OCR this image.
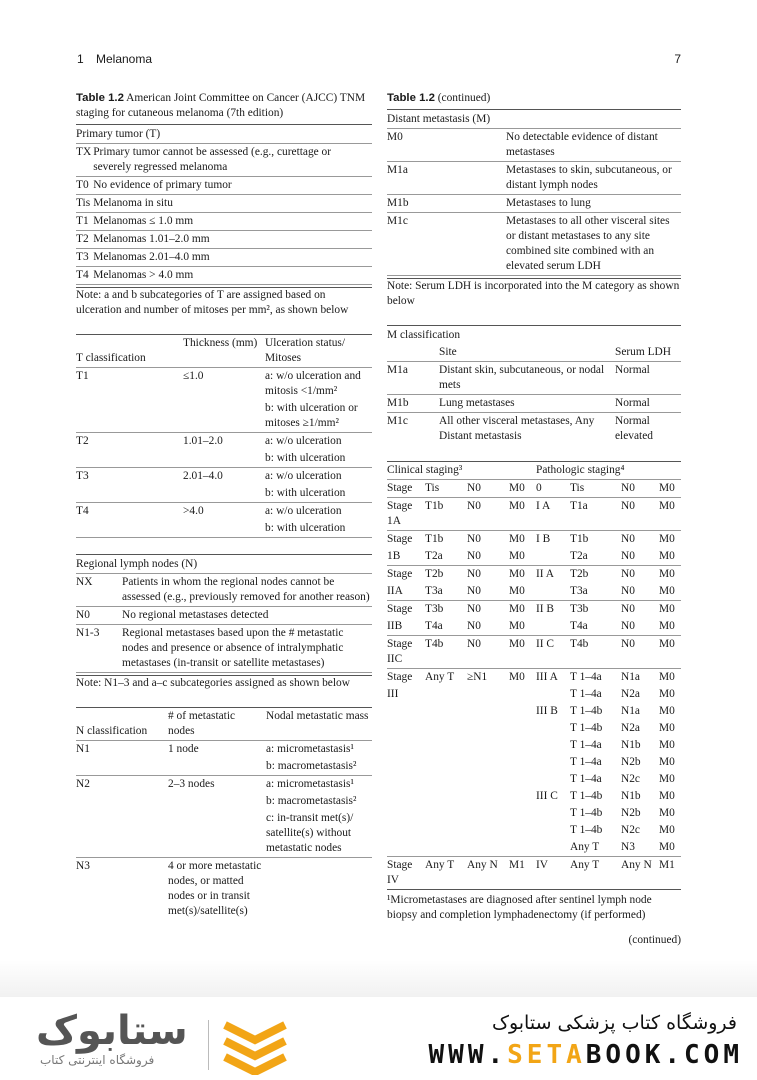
1 Melanoma	7
Table 1.2 American Joint Committee on Cancer (AJCC) TNM staging for cutaneous melanoma (7th edition)
Primary tumor (T)	
TX	Primary tumor cannot be assessed (e.g., curettage or severely regressed melanoma
T0	No evidence of primary tumor
Tis	Melanoma in situ
T1	Melanomas ≤ 1.0 mm
T2	Melanomas 1.01–2.0 mm
T3	Melanomas 2.01–4.0 mm
T4	Melanomas > 4.0 mm
Note: a and b subcategories of T are assigned based on ulceration and number of mitoses per mm², as shown below
T classification	Thickness (mm)	Ulceration status/ Mitoses
T1	≤1.0	a: w/o ulceration and mitosis <1/mm²
		b: with ulceration or mitoses ≥1/mm²
T2	1.01–2.0	a: w/o ulceration
		b: with ulceration
T3	2.01–4.0	a: w/o ulceration
		b: with ulceration
T4	>4.0	a: w/o ulceration
		b: with ulceration
Regional lymph nodes (N)	
NX	Patients in whom the regional nodes cannot be assessed (e.g., previously removed for another reason)
N0	No regional metastases detected
N1-3	Regional metastases based upon the # metastatic nodes and presence or absence of intralymphatic metastases (in-transit or satellite metastases)
Note: N1–3 and a–c subcategories assigned as shown below
N classification	# of metastatic nodes	Nodal metastatic mass
N1	1 node	a: micrometastasis¹
		b: macrometastasis²
N2	2–3 nodes	a: micrometastasis¹
		b: macrometastasis²
		c: in-transit met(s)/ satellite(s) without metastatic nodes
N3	4 or more metastatic nodes, or matted nodes or in transit met(s)/satellite(s)	
Table 1.2 (continued)
Distant metastasis (M)	
M0	No detectable evidence of distant metastases
M1a	Metastases to skin, subcutaneous, or distant lymph nodes
M1b	Metastases to lung
M1c	Metastases to all other visceral sites or distant metastases to any site combined site combined with an elevated serum LDH
Note: Serum LDH is incorporated into the M category as shown below
M classification		
	Site	Serum LDH
M1a	Distant skin, subcutaneous, or nodal mets	Normal
M1b	Lung metastases	Normal
M1c	All other visceral metastases, Any Distant metastasis	Normal elevated
Clinical staging³				Pathologic staging⁴			
Stage	Tis	N0	M0	0	Tis	N0	M0
Stage 1A	T1b	N0	M0	I A	T1a	N0	M0
Stage	T1b	N0	M0	I B	T1b	N0	M0
1B	T2a	N0	M0		T2a	N0	M0
Stage	T2b	N0	M0	II A	T2b	N0	M0
IIA	T3a	N0	M0		T3a	N0	M0
Stage	T3b	N0	M0	II B	T3b	N0	M0
IIB	T4a	N0	M0		T4a	N0	M0
Stage IIC	T4b	N0	M0	II C	T4b	N0	M0
Stage	Any T	≥N1	M0	III A	T 1–4a	N1a	M0
III					T 1–4a	N2a	M0
				III B	T 1–4b	N1a	M0
					T 1–4b	N2a	M0
					T 1–4a	N1b	M0
					T 1–4a	N2b	M0
					T 1–4a	N2c	M0
				III C	T 1–4b	N1b	M0
					T 1–4b	N2b	M0
					T 1–4b	N2c	M0
					Any T	N3	M0
Stage IV	Any T	Any N	M1	IV	Any T	Any N	M1
¹Micrometastases are diagnosed after sentinel lymph node biopsy and completion lymphadenectomy (if performed)
(continued)
ستابوک
فروشگاه اینترنتی کتاب
فروشگاه کتاب پزشکی ستابوک
WWW.SETABOOK.COM
